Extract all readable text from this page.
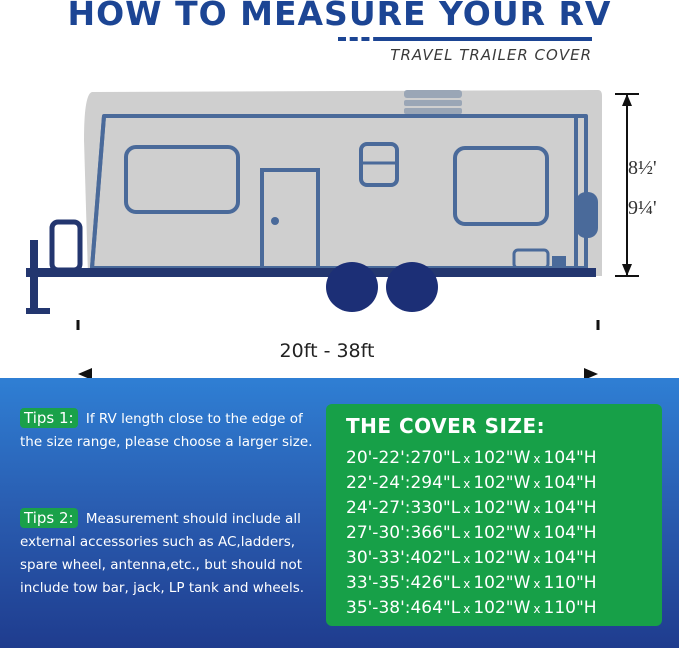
HOW TO MEASURE YOUR RV
TRAVEL TRAILER COVER
8½'
9¼'
20ft - 38ft
Tips 1: If RV length close to the edge of the size range, please choose a larger size.
Tips 2: Measurement should include all external accessories such as AC,ladders, spare wheel, antenna,etc., but should not include tow bar, jack, LP tank and wheels.
THE COVER SIZE:
20'-22':270"L x 102"W x 104"H
22'-24':294"L x 102"W x 104"H
24'-27':330"L x 102"W x 104"H
27'-30':366"L x 102"W x 104"H
30'-33':402"L x 102"W x 104"H
33'-35':426"L x 102"W x 110"H
35'-38':464"L x 102"W x 110"H
